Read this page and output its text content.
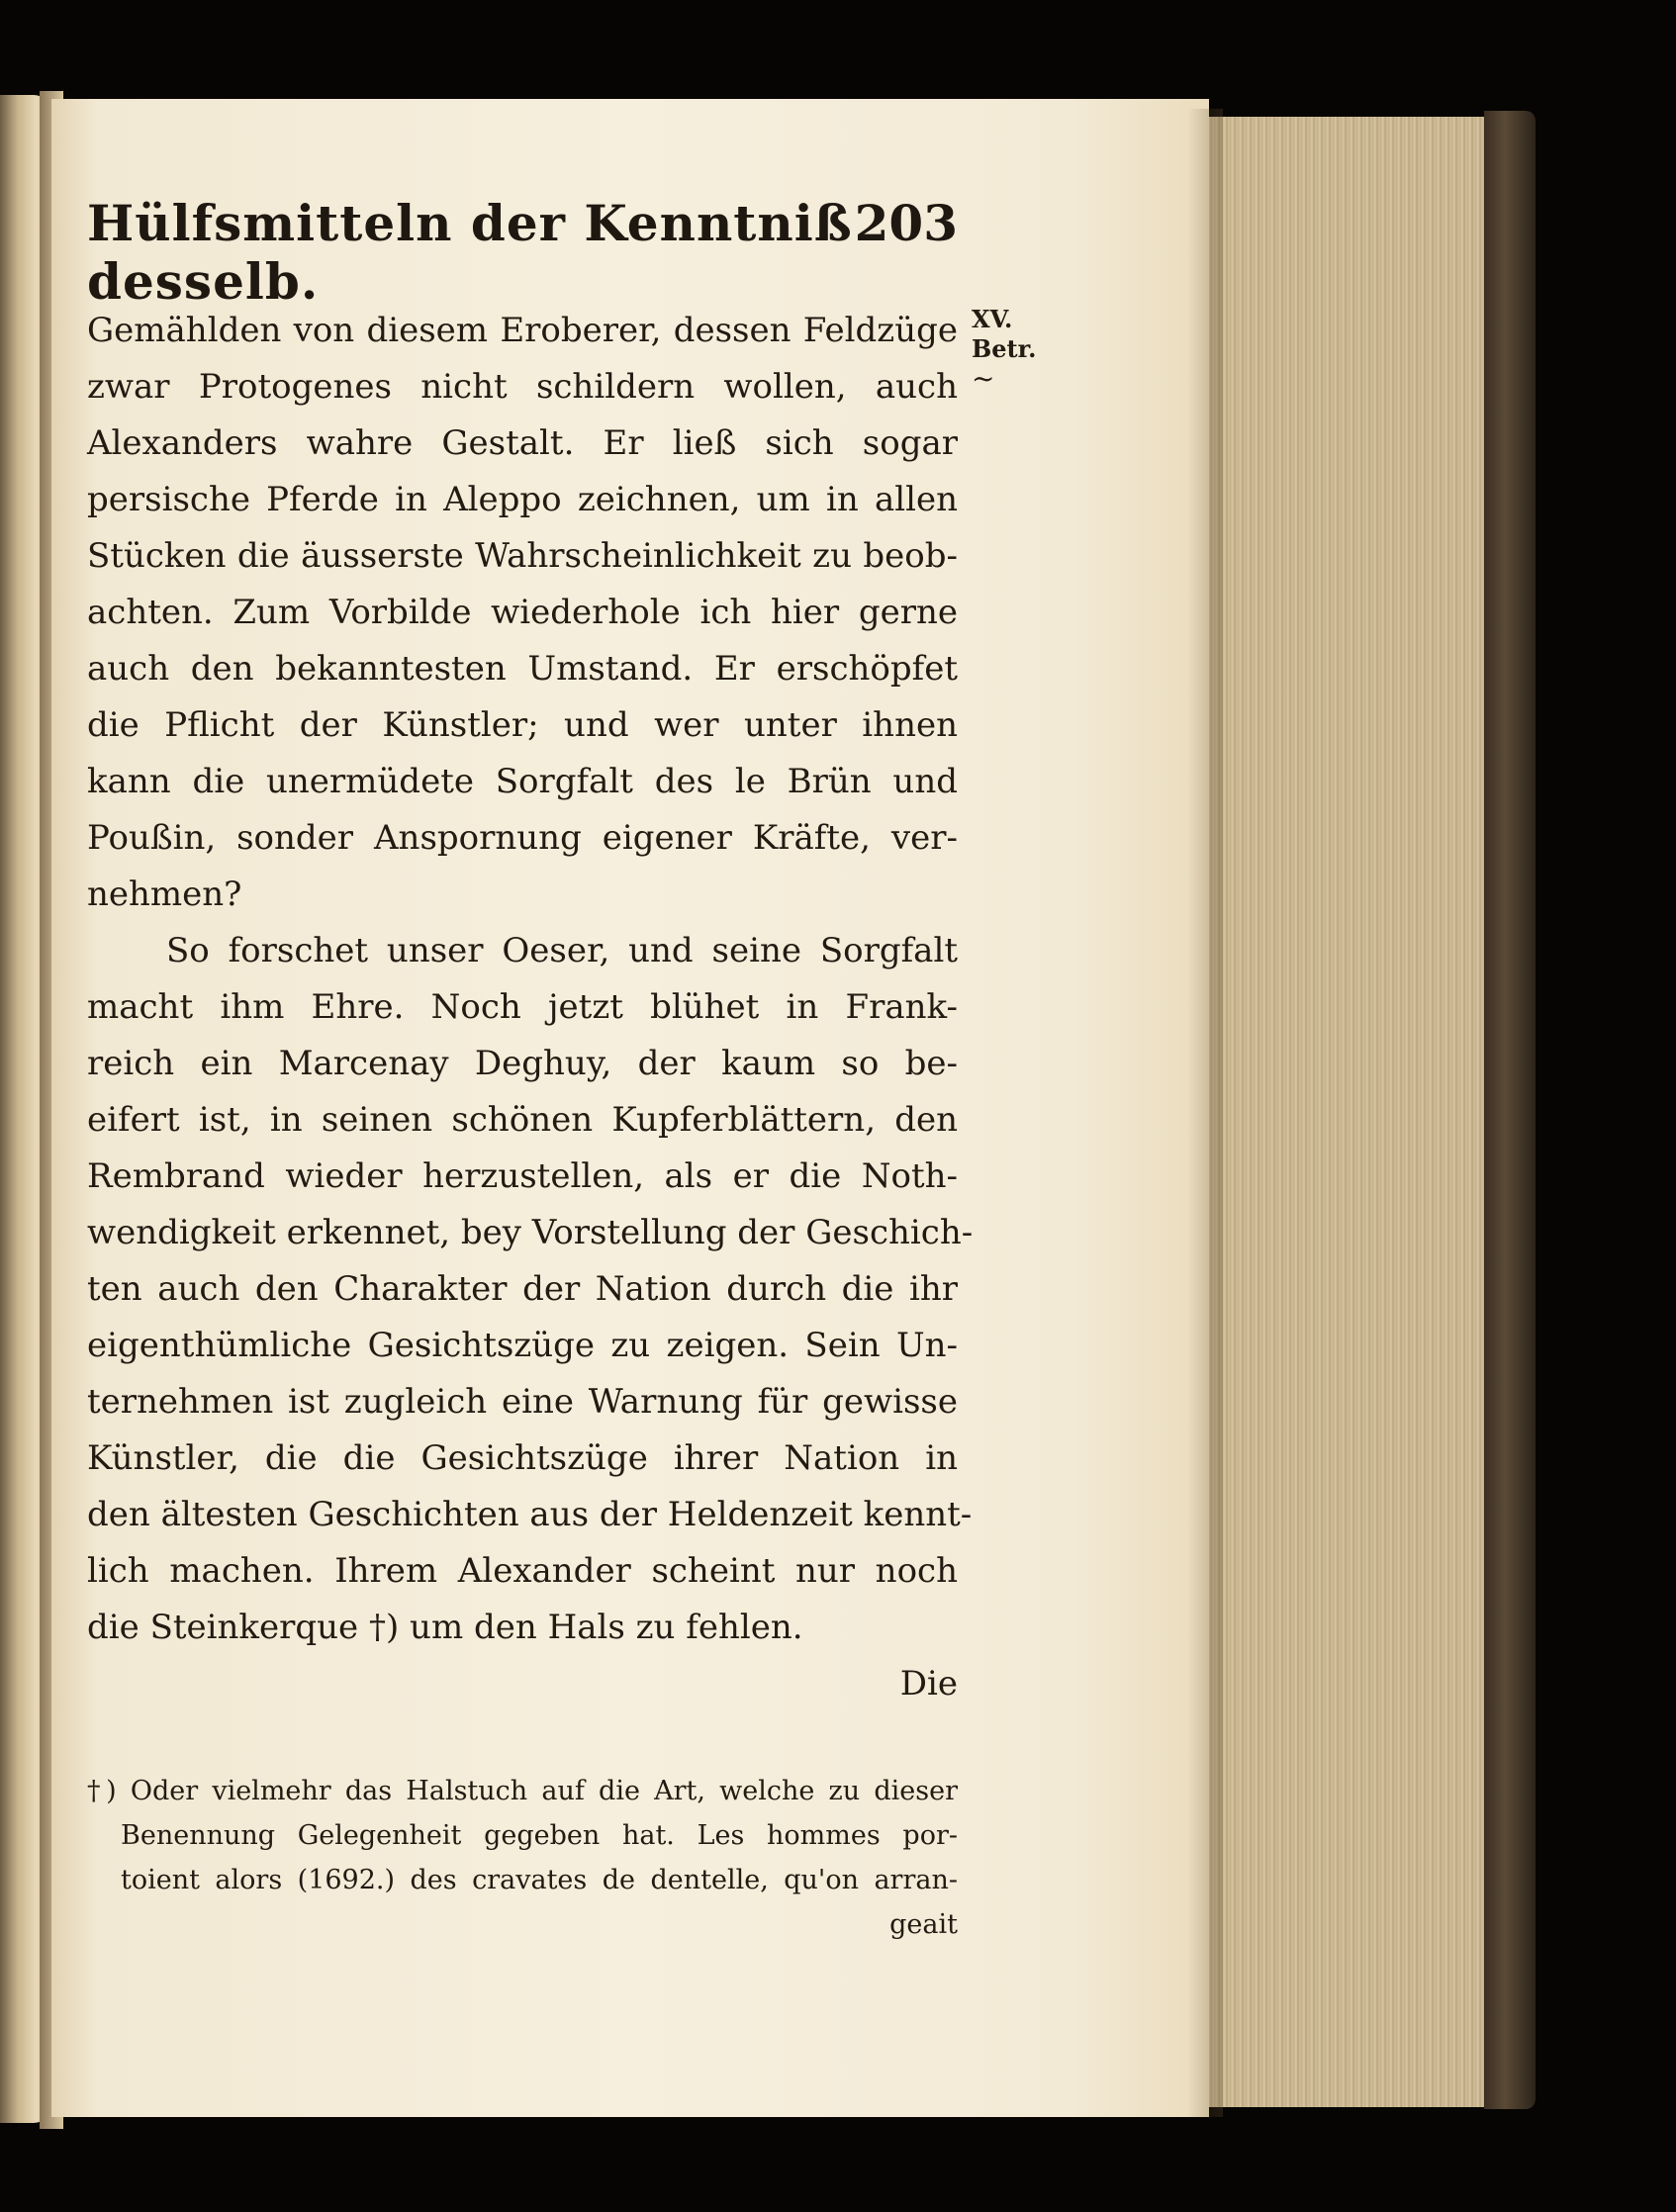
Hülfsmitteln der Kenntniß desselb.
203
XV.
Betr.
~
Gemählden von diesem Eroberer, dessen Feldzüge
zwar Protogenes nicht schildern wollen, auch
Alexanders wahre Gestalt. Er ließ sich sogar
persische Pferde in Aleppo zeichnen, um in allen
Stücken die äusserste Wahrscheinlichkeit zu beob-
achten. Zum Vorbilde wiederhole ich hier gerne
auch den bekanntesten Umstand. Er erschöpfet
die Pflicht der Künstler; und wer unter ihnen
kann die unermüdete Sorgfalt des le Brün und
Poußin, sonder Anspornung eigener Kräfte, ver-
nehmen?
So forschet unser Oeser, und seine Sorgfalt
macht ihm Ehre. Noch jetzt blühet in Frank-
reich ein Marcenay Deghuy, der kaum so be-
eifert ist, in seinen schönen Kupferblättern, den
Rembrand wieder herzustellen, als er die Noth-
wendigkeit erkennet, bey Vorstellung der Geschich-
ten auch den Charakter der Nation durch die ihr
eigenthümliche Gesichtszüge zu zeigen. Sein Un-
ternehmen ist zugleich eine Warnung für gewisse
Künstler, die die Gesichtszüge ihrer Nation in
den ältesten Geschichten aus der Heldenzeit kennt-
lich machen. Ihrem Alexander scheint nur noch
die Steinkerque †) um den Hals zu fehlen.
Die
†) Oder vielmehr das Halstuch auf die Art, welche zu dieser
Benennung Gelegenheit gegeben hat. Les hommes por-
toient alors (1692.) des cravates de dentelle, qu'on arran-
geait
